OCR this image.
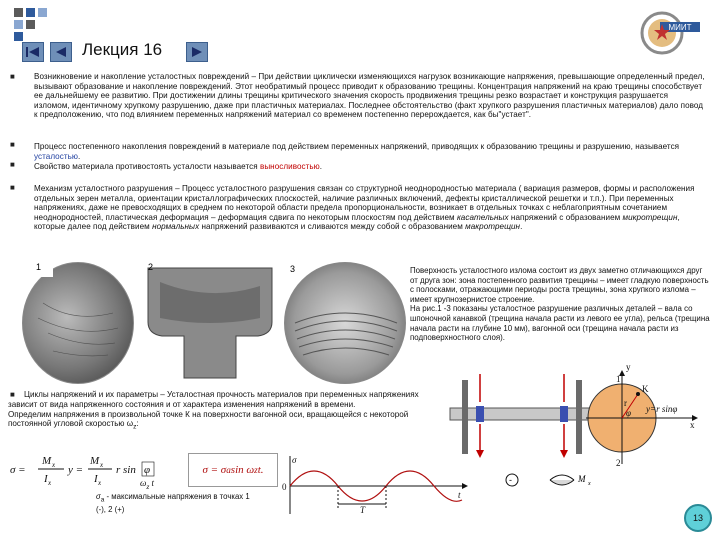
Лекция 16
МИИТ
■
■
■
■
Возникновение и накопление усталостных повреждений – При действии циклически изменяющихся нагрузок возникающие напряжения, превышающие определенный предел, вызывают образование и накопление повреждений. Этот необратимый процесс приводит к образованию трещины. Концентрация напряжений на краю трещины способствует ее дальнейшему ее развитию. При достижении длины трещины критического значения скорость продвижения трещины резко возрастает и конструкция разрушается изломом, идентичному хрупкому разрушению, даже при пластичных материалах. Последнее обстоятельство (факт хрупкого разрушения пластичных материалов) дало повод к предположению, что под влиянием переменных напряжений материал со временем постепенно перерождается, как бы"устает".
Процесс постепенного накопления повреждений в материале под действием переменных напряжений, приводящих к образованию трещины и разрушению, называется усталостью.
Свойство материала противостоять усталости называется выносливостью.
Механизм усталостного разрушения – Процесс усталостного разрушения связан со структурной неоднородностью материала ( вариация размеров, формы и расположения отдельных зерен металла, ориентации кристаллографических плоскостей, наличие различных включений, дефекты кристаллической решетки и т.п.). При переменных напряжениях, даже не превосходящих в среднем по некоторой области предела пропорциональности, возникает в отдельных точках с неблагоприятным сочетанием неоднородностей, пластическая деформация – деформация сдвига по некоторым плоскостям под действием касательных напряжений с образованием микротрещин, которые далее под действием нормальных напряжений развиваются и сливаются между собой с образованием макротрещин.
1	2	3	Поверхность усталостного излома состоит из двух заметно отличающихся друг от друга зон: зона постепенного развития трещины – имеет гладкую поверхность с полосками, отражающими периоды роста трещины, зона хрупкого излома – имеет крупнозернистое строение.
На рис.1 -3 показаны усталостное разрушение различных деталей – вала со шпоночной канавкой (трещина начала расти из левого ее угла), рельса (трещина начала расти на глубине 10 мм), вагонной оси (трещина начала расти из подповерхностного слоя).
Циклы напряжений и их параметры – Усталостная прочность материалов при переменных напряжениях зависит от вида напряженного состояния и от характера изменения напряжений в времени.
Определим напряжения в произвольной точке К на поверхности вагонной оси, вращающейся с некоторой постоянной угловой скоростью $\omega_z$:
■
σ =
M x
I x
y =
M x
I x
r sin φ	σ = σ a sin ω z t.
$\omega_z$ t
$\sigma_a$ - максимальные напряжения в точках 1 (-), 2 (+)
1
K
y
x
r
φ y=r sinφ
2
σ
0
T
t
-	M x
13
